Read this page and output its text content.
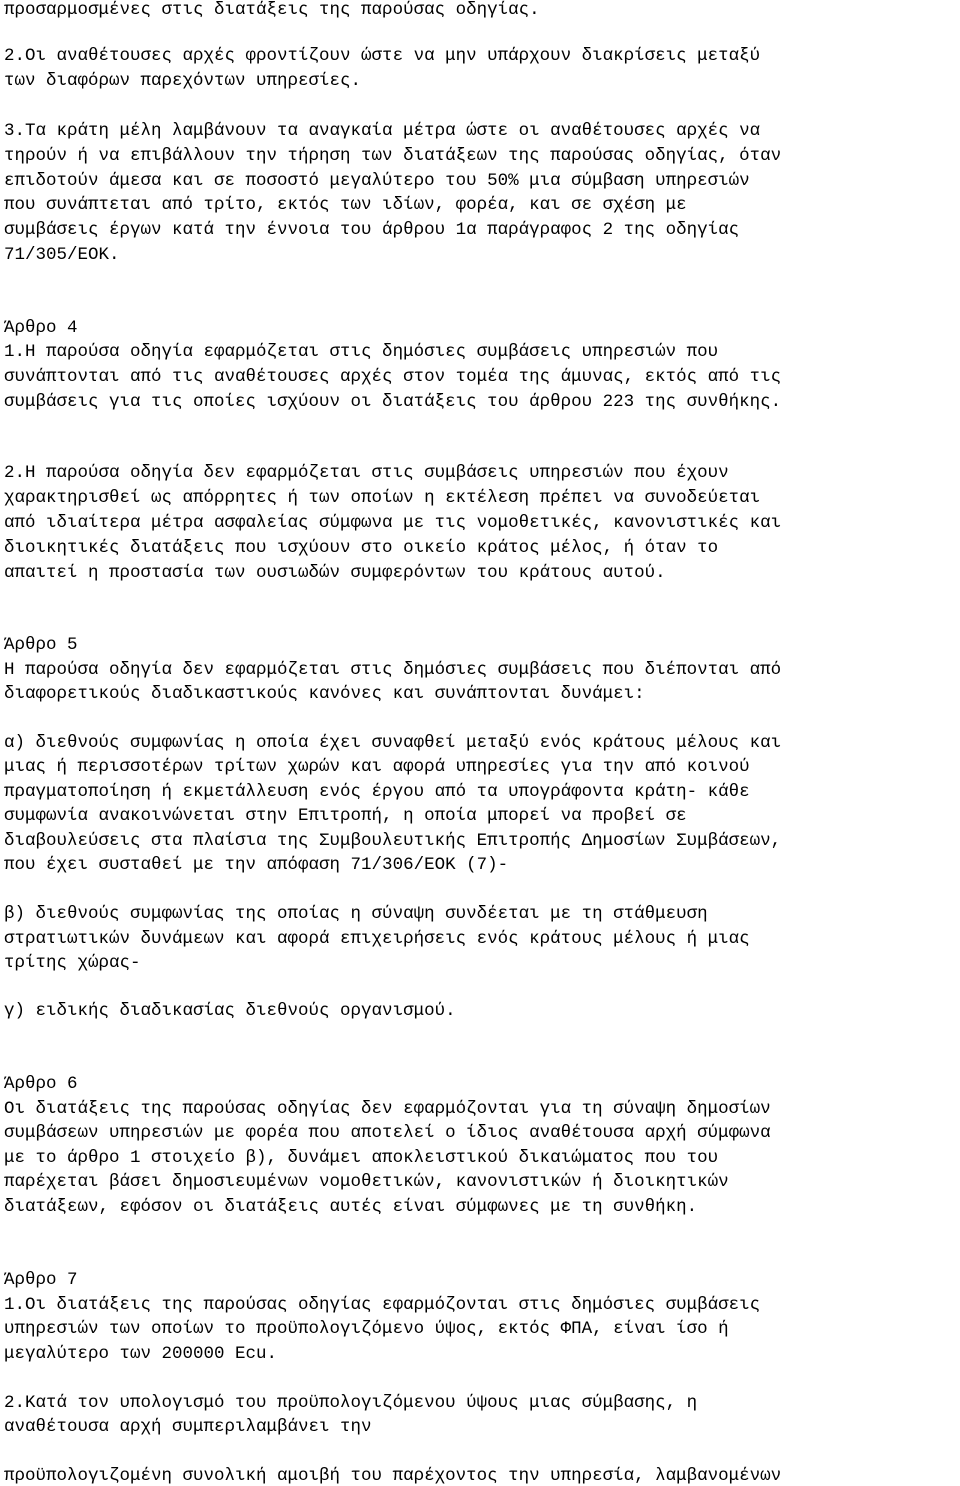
προσαρμοσμένες στις διατάξεις της παρούσας οδηγίας.
2.Οι αναθέτουσες αρχές φροντίζουν ώστε να μην υπάρχουν διακρίσεις μεταξύ
των διαφόρων παρεχόντων υπηρεσίες.
3.Τα κράτη μέλη λαμβάνουν τα αναγκαία μέτρα ώστε οι αναθέτουσες αρχές να
τηρούν ή να επιβάλλουν την τήρηση των διατάξεων της παρούσας οδηγίας, όταν
επιδοτούν άμεσα και σε ποσοστό μεγαλύτερο του 50% μια σύμβαση υπηρεσιών
που συνάπτεται από τρίτο, εκτός των ιδίων, φορέα, και σε σχέση με
συμβάσεις έργων κατά την έννοια του άρθρου 1α παράγραφος 2 της οδηγίας
71/305/ΕΟΚ.
Άρθρο 4
1.Η παρούσα οδηγία εφαρμόζεται στις δημόσιες συμβάσεις υπηρεσιών που
συνάπτονται από τις αναθέτουσες αρχές στον τομέα της άμυνας, εκτός από τις
συμβάσεις για τις οποίες ισχύουν οι διατάξεις του άρθρου 223 της συνθήκης.
2.Η παρούσα οδηγία δεν εφαρμόζεται στις συμβάσεις υπηρεσιών που έχουν
χαρακτηρισθεί ως απόρρητες ή των οποίων η εκτέλεση πρέπει να συνοδεύεται
από ιδιαίτερα μέτρα ασφαλείας σύμφωνα με τις νομοθετικές, κανονιστικές και
διοικητικές διατάξεις που ισχύουν στο οικείο κράτος μέλος, ή όταν το
απαιτεί η προστασία των ουσιωδών συμφερόντων του κράτους αυτού.
Άρθρο 5
Η παρούσα οδηγία δεν εφαρμόζεται στις δημόσιες συμβάσεις που διέπονται από
διαφορετικούς διαδικαστικούς κανόνες και συνάπτονται δυνάμει:
α) διεθνούς συμφωνίας η οποία έχει συναφθεί μεταξύ ενός κράτους μέλους και
μιας ή περισσοτέρων τρίτων χωρών και αφορά υπηρεσίες για την από κοινού
πραγματοποίηση ή εκμετάλλευση ενός έργου από τα υπογράφοντα κράτη- κάθε
συμφωνία ανακοινώνεται στην Επιτροπή, η οποία μπορεί να προβεί σε
διαβουλεύσεις στα πλαίσια της Συμβουλευτικής Επιτροπής Δημοσίων Συμβάσεων,
που έχει συσταθεί με την απόφαση 71/306/ΕΟΚ (7)-
β) διεθνούς συμφωνίας της οποίας η σύναψη συνδέεται με τη στάθμευση
στρατιωτικών δυνάμεων και αφορά επιχειρήσεις ενός κράτους μέλους ή μιας
τρίτης χώρας-
γ) ειδικής διαδικασίας διεθνούς οργανισμού.
Άρθρο 6
Οι διατάξεις της παρούσας οδηγίας δεν εφαρμόζονται για τη σύναψη δημοσίων
συμβάσεων υπηρεσιών με φορέα που αποτελεί ο ίδιος αναθέτουσα αρχή σύμφωνα
με το άρθρο 1 στοιχείο β), δυνάμει αποκλειστικού δικαιώματος που του
παρέχεται βάσει δημοσιευμένων νομοθετικών, κανονιστικών ή διοικητικών
διατάξεων, εφόσον οι διατάξεις αυτές είναι σύμφωνες με τη συνθήκη.
Άρθρο 7
1.Οι διατάξεις της παρούσας οδηγίας εφαρμόζονται στις δημόσιες συμβάσεις
υπηρεσιών των οποίων το προϋπολογιζόμενο ύψος, εκτός ΦΠΑ, είναι ίσο ή
μεγαλύτερο των 200000 Ecu.
2.Κατά τον υπολογισμό του προϋπολογιζόμενου ύψους μιας σύμβασης, η
αναθέτουσα αρχή συμπεριλαμβάνει την
προϋπολογιζομένη συνολική αμοιβή του παρέχοντος την υπηρεσία, λαμβανομένων
